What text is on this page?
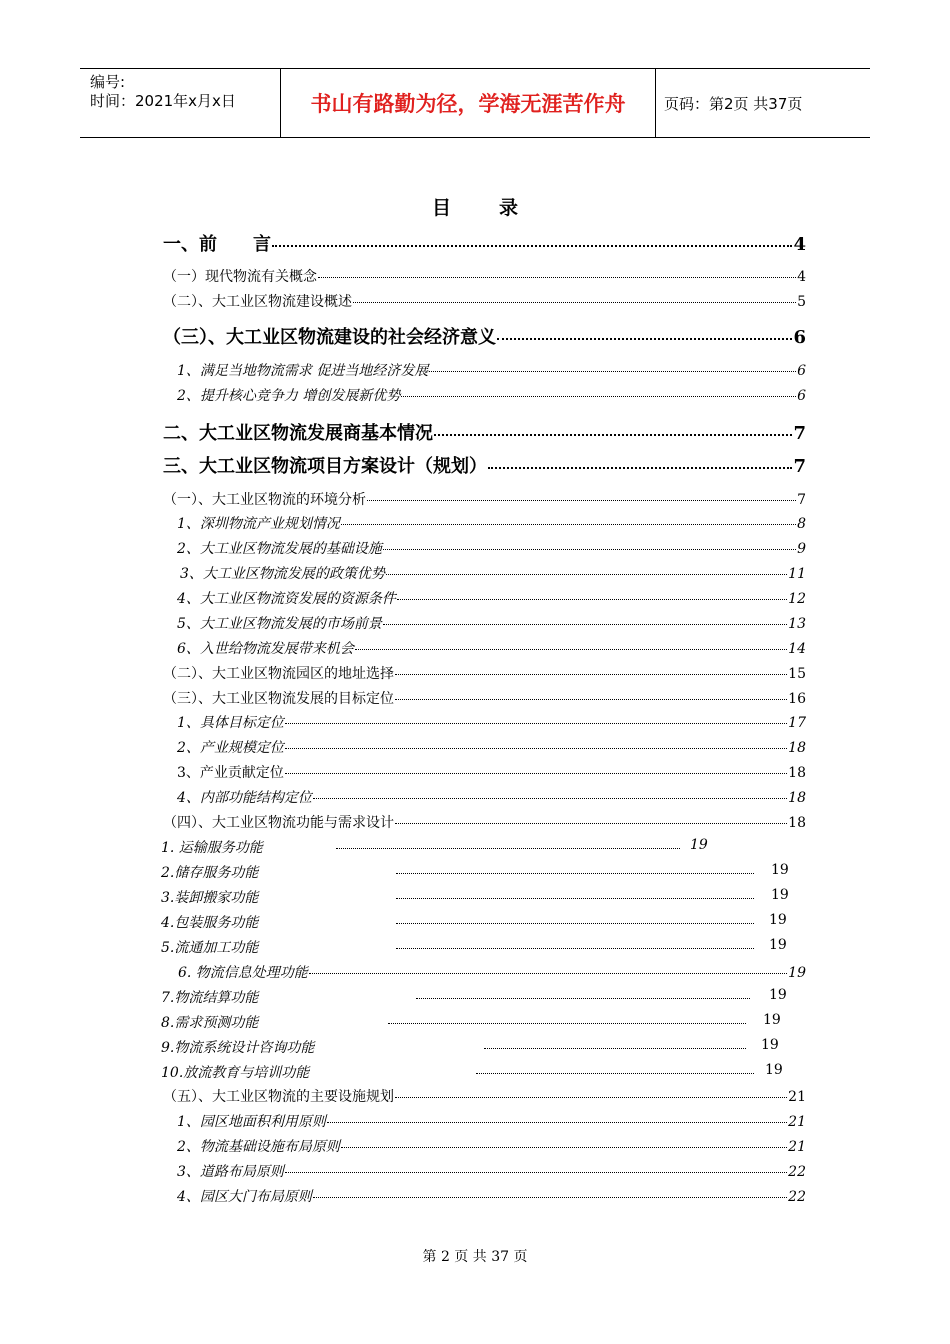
编号:
时间：2021年x月x日	书山有路勤为径，学海无涯苦作舟	页码：第2页 共37页
目	录
一、前　　言	4
（一）现代物流有关概念	4
（二）、大工业区物流建设概述	5
（三）、大工业区物流建设的社会经济意义	6
1、满足当地物流需求 促进当地经济发展	6
2、提升核心竞争力 增创发展新优势	6
二、大工业区物流发展商基本情况	7
三、大工业区物流项目方案设计（规划）	7
（一）、大工业区物流的环境分析	7
1、深圳物流产业规划情况	8
2、大工业区物流发展的基础设施	9
3、大工业区物流发展的政策优势	11
4、大工业区物流资发展的资源条件	12
5、大工业区物流发展的市场前景	13
6、入世给物流发展带来机会	14
（二）、大工业区物流园区的地址选择	15
（三）、大工业区物流发展的目标定位	16
1、具体目标定位	17
2、产业规模定位	18
3、产业贡献定位	18
4、内部功能结构定位	18
（四）、大工业区物流功能与需求设计	18
1. 运输服务功能	19
2.储存服务功能	19
3.装卸搬家功能	19
4.包装服务功能	19
5.流通加工功能	19
6. 物流信息处理功能	19
7.物流结算功能	19
8.需求预测功能	19
9.物流系统设计咨询功能	19
10.放流教育与培训功能	19
（五）、大工业区物流的主要设施规划	21
1、园区地面积利用原则	21
2、物流基础设施布局原则	21
3、道路布局原则	22
4、园区大门布局原则	22
第 2 页 共 37 页
